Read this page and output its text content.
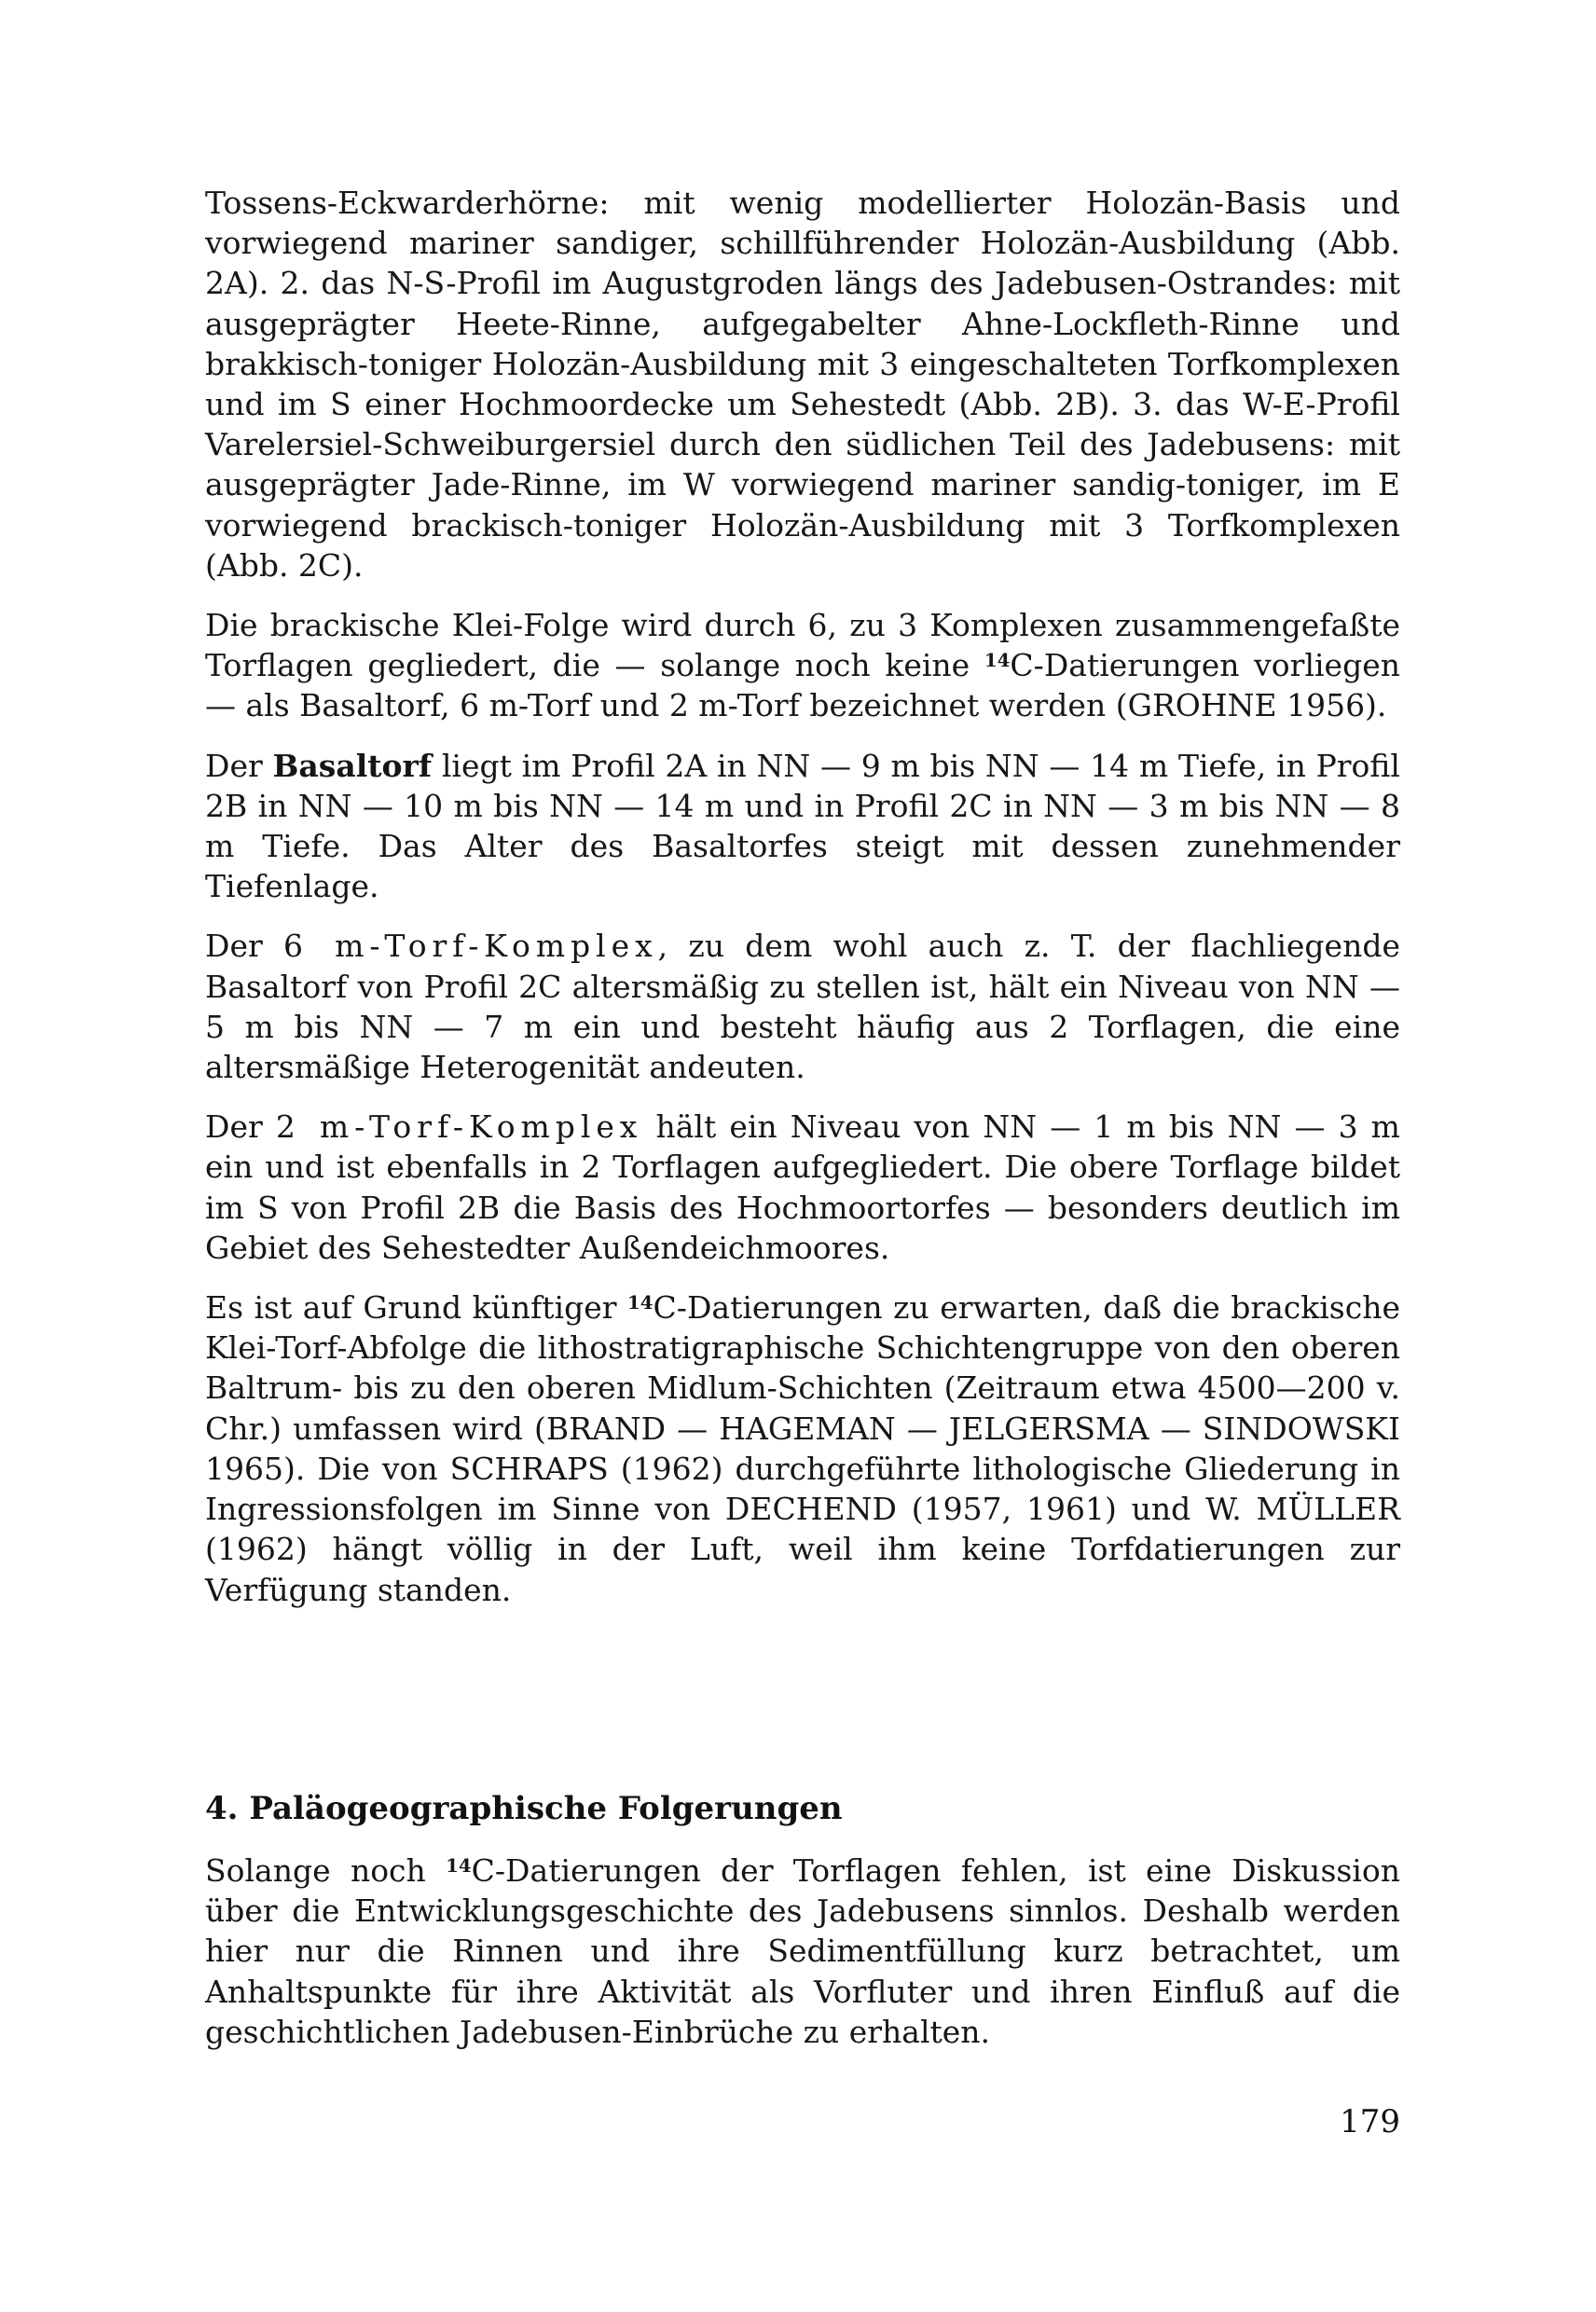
Tossens-Eckwarderhörne: mit wenig modellierter Holozän-Basis und vorwiegend mariner sandiger, schillführender Holozän-Ausbildung (Abb. 2A). 2. das N-S-Profil im Augustgroden längs des Jadebusen-Ostrandes: mit ausgeprägter Heete-Rinne, aufgegabelter Ahne-Lockfleth-Rinne und brakkisch-toniger Holozän-Ausbildung mit 3 eingeschalteten Torfkomplexen und im S einer Hochmoordecke um Sehestedt (Abb. 2B). 3. das W-E-Profil Varelersiel-Schweiburgersiel durch den südlichen Teil des Jadebusens: mit ausgeprägter Jade-Rinne, im W vorwiegend mariner sandig-toniger, im E vorwiegend brackisch-toniger Holozän-Ausbildung mit 3 Torfkomplexen (Abb. 2C).

Die brackische Klei-Folge wird durch 6, zu 3 Komplexen zusammengefaßte Torflagen gegliedert, die — solange noch keine $^{14}$C-Datierungen vorliegen — als Basaltorf, 6 m-Torf und 2 m-Torf bezeichnet werden (GROHNE 1956).

Der Basaltorf liegt im Profil 2A in NN — 9 m bis NN — 14 m Tiefe, in Profil 2B in NN — 10 m bis NN — 14 m und in Profil 2C in NN — 3 m bis NN — 8 m Tiefe. Das Alter des Basaltorfes steigt mit dessen zunehmender Tiefenlage.

Der 6 m-Torf-Komplex, zu dem wohl auch z. T. der flachliegende Basaltorf von Profil 2C altersmäßig zu stellen ist, hält ein Niveau von NN — 5 m bis NN — 7 m ein und besteht häufig aus 2 Torflagen, die eine altersmäßige Heterogenität andeuten.

Der 2 m-Torf-Komplex hält ein Niveau von NN — 1 m bis NN — 3 m ein und ist ebenfalls in 2 Torflagen aufgegliedert. Die obere Torflage bildet im S von Profil 2B die Basis des Hochmoortorfes — besonders deutlich im Gebiet des Sehestedter Außendeichmoores.

Es ist auf Grund künftiger $^{14}$C-Datierungen zu erwarten, daß die brackische Klei-Torf-Abfolge die lithostratigraphische Schichtengruppe von den oberen Baltrum- bis zu den oberen Midlum-Schichten (Zeitraum etwa 4500—200 v. Chr.) umfassen wird (BRAND — HAGEMAN — JELGERSMA — SINDOWSKI 1965). Die von SCHRAPS (1962) durchgeführte lithologische Gliederung in Ingressionsfolgen im Sinne von DECHEND (1957, 1961) und W. MÜLLER (1962) hängt völlig in der Luft, weil ihm keine Torfdatierungen zur Verfügung standen.

4. Paläogeographische Folgerungen

Solange noch $^{14}$C-Datierungen der Torflagen fehlen, ist eine Diskussion über die Entwicklungsgeschichte des Jadebusens sinnlos. Deshalb werden hier nur die Rinnen und ihre Sedimentfüllung kurz betrachtet, um Anhaltspunkte für ihre Aktivität als Vorfluter und ihren Einfluß auf die geschichtlichen Jadebusen-Einbrüche zu erhalten.

179
